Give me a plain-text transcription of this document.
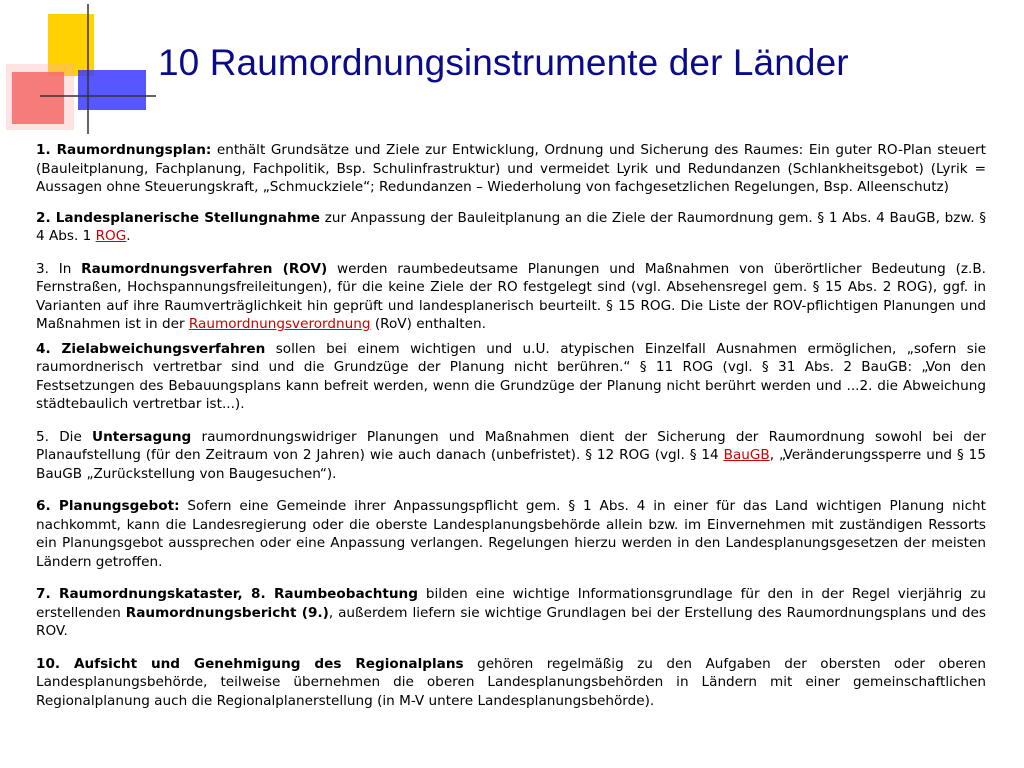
10 Raumordnungsinstrumente der Länder

1. Raumordnungsplan: enthält Grundsätze und Ziele zur Entwicklung, Ordnung und Sicherung des Raumes: Ein guter RO-Plan steuert (Bauleitplanung, Fachplanung, Fachpolitik, Bsp. Schulinfrastruktur) und vermeidet Lyrik und Redundanzen (Schlankheitsgebot) (Lyrik = Aussagen ohne Steuerungskraft, „Schmuckziele“; Redundanzen – Wiederholung von fachgesetzlichen Regelungen, Bsp. Alleenschutz)

2. Landesplanerische Stellungnahme zur Anpassung der Bauleitplanung an die Ziele der Raumordnung gem. § 1 Abs. 4 BauGB, bzw. § 4 Abs. 1 ROG.

3. In Raumordnungsverfahren (ROV) werden raumbedeutsame Planungen und Maßnahmen von überörtlicher Bedeutung (z.B. Fernstraßen, Hochspannungsfreileitungen), für die keine Ziele der RO festgelegt sind (vgl. Absehensregel gem. § 15 Abs. 2 ROG), ggf. in Varianten auf ihre Raumverträglichkeit hin geprüft und landesplanerisch beurteilt. § 15 ROG. Die Liste der ROV-pflichtigen Planungen und Maßnahmen ist in der Raumordnungsverordnung (RoV) enthalten.

4. Zielabweichungsverfahren sollen bei einem wichtigen und u.U. atypischen Einzelfall Ausnahmen ermöglichen, „sofern sie raumordnerisch vertretbar sind und die Grundzüge der Planung nicht berühren.“ § 11 ROG (vgl. § 31 Abs. 2 BauGB: „Von den Festsetzungen des Bebauungsplans kann befreit werden, wenn die Grundzüge der Planung nicht berührt werden und ...2. die Abweichung städtebaulich vertretbar ist...).

5. Die Untersagung raumordnungswidriger Planungen und Maßnahmen dient der Sicherung der Raumordnung sowohl bei der Planaufstellung (für den Zeitraum von 2 Jahren) wie auch danach (unbefristet). § 12 ROG (vgl. § 14 BauGB, „Veränderungssperre und § 15 BauGB „Zurückstellung von Baugesuchen“).

6. Planungsgebot: Sofern eine Gemeinde ihrer Anpassungspflicht gem. § 1 Abs. 4 in einer für das Land wichtigen Planung nicht nachkommt, kann die Landesregierung oder die oberste Landesplanungsbehörde allein bzw. im Einvernehmen mit zuständigen Ressorts ein Planungsgebot aussprechen oder eine Anpassung verlangen. Regelungen hierzu werden in den Landesplanungsgesetzen der meisten Ländern getroffen.

7. Raumordnungskataster, 8. Raumbeobachtung bilden eine wichtige Informationsgrundlage für den in der Regel vierjährig zu erstellenden Raumordnungsbericht (9.), außerdem liefern sie wichtige Grundlagen bei der Erstellung des Raumordnungsplans und des ROV.

10. Aufsicht und Genehmigung des Regionalplans gehören regelmäßig zu den Aufgaben der obersten oder oberen Landesplanungsbehörde, teilweise übernehmen die oberen Landesplanungsbehörden in Ländern mit einer gemeinschaftlichen Regionalplanung auch die Regionalplanerstellung (in M-V untere Landesplanungsbehörde).
